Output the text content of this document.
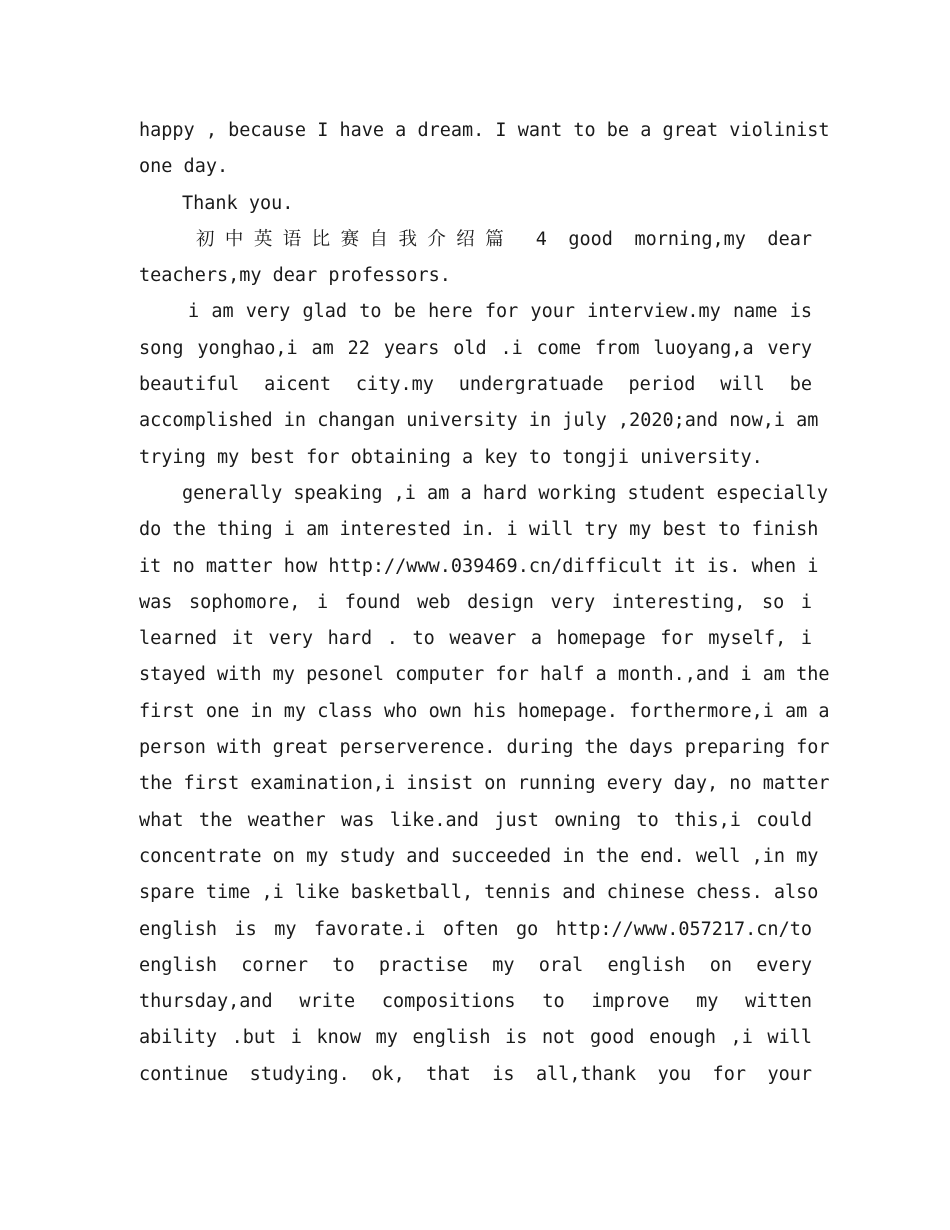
happy , because I have a dream. I want to be a great violinist
one day.
Thank you.
初中英语比赛自我介绍篇 4 good morning,my dear
teachers,my dear professors.
i am very glad to be here for your interview.my name is
song yonghao,i am 22 years old .i come from luoyang,a very
beautiful aicent city.my undergratuade period will be
accomplished in changan university in july ,2020;and now,i am
trying my best for obtaining a key to tongji university.
generally speaking ,i am a hard working student especially
do the thing i am interested in. i will try my best to finish
it no matter how http://www.039469.cn/difficult it is. when i
was sophomore, i found web design very interesting, so i
learned it very hard . to weaver a homepage for myself, i
stayed with my pesonel computer for half a month.,and i am the
first one in my class who own his homepage. forthermore,i am a
person with great perserverence. during the days preparing for
the first examination,i insist on running every day, no matter
what the weather was like.and just owning to this,i could
concentrate on my study and succeeded in the end. well ,in my
spare time ,i like basketball, tennis and chinese chess. also
english is my favorate.i often go http://www.057217.cn/to
english corner to practise my oral english on every
thursday,and write compositions to improve my witten
ability .but i know my english is not good enough ,i will
continue studying. ok, that is all,thank you for your
